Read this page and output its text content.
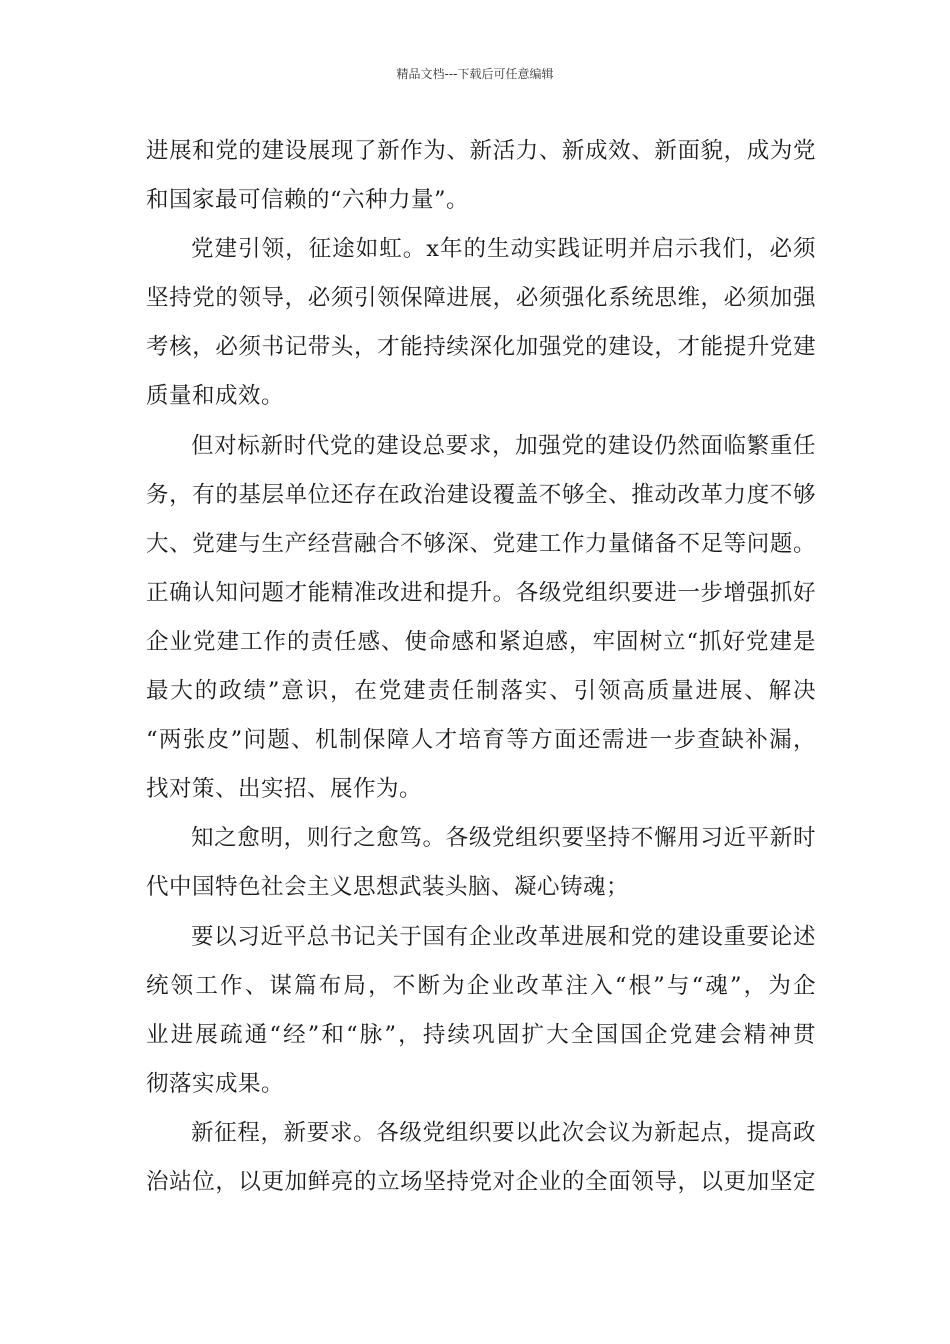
精品文档---下载后可任意编辑
进展和党的建设展现了新作为、新活力、新成效、新面貌，成为党
和国家最可信赖的“六种力量”。
党建引领，征途如虹。x年的生动实践证明并启示我们，必须
坚持党的领导，必须引领保障进展，必须强化系统思维，必须加强
考核，必须书记带头，才能持续深化加强党的建设，才能提升党建
质量和成效。
但对标新时代党的建设总要求，加强党的建设仍然面临繁重任
务，有的基层单位还存在政治建设覆盖不够全、推动改革力度不够
大、党建与生产经营融合不够深、党建工作力量储备不足等问题。
正确认知问题才能精准改进和提升。各级党组织要进一步增强抓好
企业党建工作的责任感、使命感和紧迫感，牢固树立“抓好党建是
最大的政绩”意识，在党建责任制落实、引领高质量进展、解决
“两张皮”问题、机制保障人才培育等方面还需进一步查缺补漏，
找对策、出实招、展作为。
知之愈明，则行之愈笃。各级党组织要坚持不懈用习近平新时
代中国特色社会主义思想武装头脑、凝心铸魂；
要以习近平总书记关于国有企业改革进展和党的建设重要论述
统领工作、谋篇布局，不断为企业改革注入“根”与“魂”，为企
业进展疏通“经”和“脉”，持续巩固扩大全国国企党建会精神贯
彻落实成果。
新征程，新要求。各级党组织要以此次会议为新起点，提高政
治站位，以更加鲜亮的立场坚持党对企业的全面领导，以更加坚定
